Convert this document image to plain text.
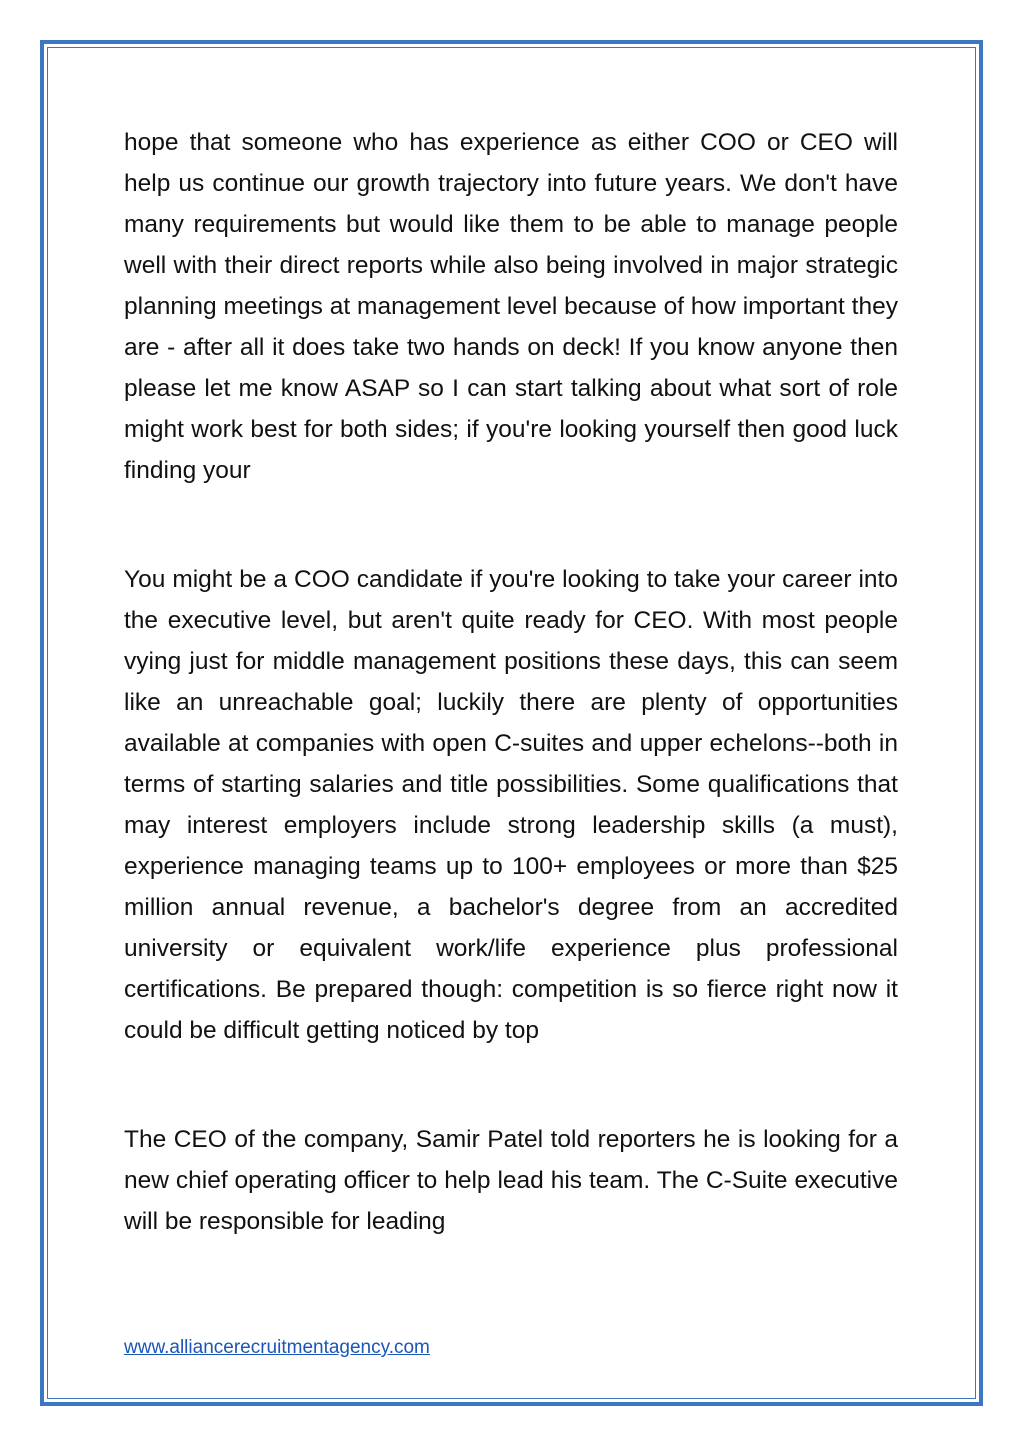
hope that someone who has experience as either COO or CEO will help us continue our growth trajectory into future years. We don't have many requirements but would like them to be able to manage people well with their direct reports while also being involved in major strategic planning meetings at management level because of how important they are - after all it does take two hands on deck! If you know anyone then please let me know ASAP so I can start talking about what sort of role might work best for both sides; if you're looking yourself then good luck finding your

You might be a COO candidate if you're looking to take your career into the executive level, but aren't quite ready for CEO. With most people vying just for middle management positions these days, this can seem like an unreachable goal; luckily there are plenty of opportunities available at companies with open C-suites and upper echelons--both in terms of starting salaries and title possibilities. Some qualifications that may interest employers include strong leadership skills (a must), experience managing teams up to 100+ employees or more than $25 million annual revenue, a bachelor's degree from an accredited university or equivalent work/life experience plus professional certifications. Be prepared though: competition is so fierce right now it could be difficult getting noticed by top

The CEO of the company, Samir Patel told reporters he is looking for a new chief operating officer to help lead his team. The C-Suite executive will be responsible for leading

www.alliancerecruitmentagency.com
